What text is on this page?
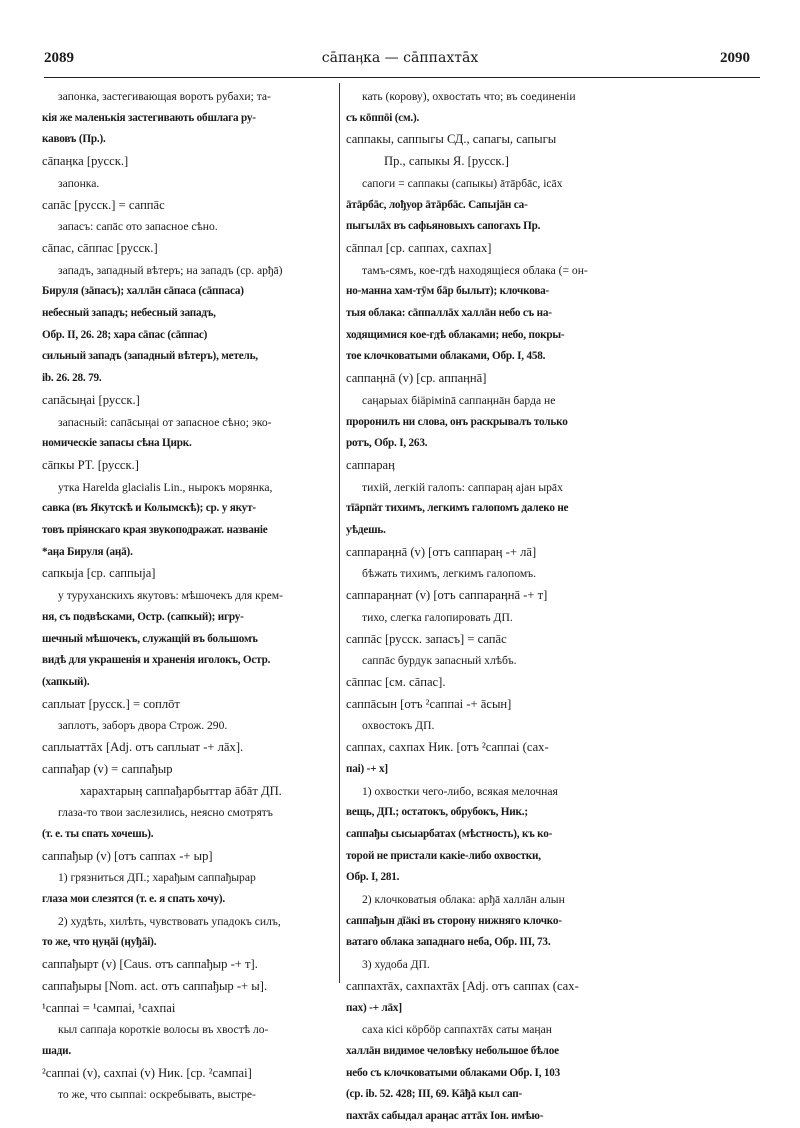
2089	сāпаӊка — сāппахтāх	2090
запонка, застегивающая воротъ рубахи; та-
кія же маленькія застегивають обшлага ру-
кавовъ (Пр.).
сāпаӊка [русск.]
запонка.
сапāс [русск.] = саппāс
запасъ: сапāс ото запасное сѣно.
сāпас, сāппас [русск.]
западъ, западный вѣтеръ; на западъ (ср. арђā)
Бируля (зāпасъ); халлāн сāпаса (сāппаса)
небесный западъ; небесный западъ,
Обр. II, 26. 28; хара сāпас (сāппас)
сильный западъ (западный вѣтеръ), метель,
ib. 26. 28. 79.
сапāсыңаі [русск.]
запасный: сапāсыңаі от запасное сѣно; эко-
номическіе запасы сѣна Цирк.
сāпкы PT. [русск.]
утка Harelda glacialis Lin., нырокъ морянка,
савка (въ Якутскѣ и Колымскѣ); ср. у якут-
товъ прiянскаго края звукоподражат. названіе
*аӊа Бируля (аӊā).
сапкыја [ср. саппыја]
у туруханскихъ якутовъ: мѣшочекъ для крем-
ня, съ подвѣсками, Остр. (сапкый); игру-
шечный мѣшочекъ, служащій въ большомъ
видѣ для украшенія и храненія иголокъ, Остр.
(хапкый).
саплыат [русск.] = соплōт
заплотъ, заборъ двора Строж. 290.
саплыаттāх [Adj. отъ саплыат -+ лāх].
саппађар (v) = саппађыр
харахтарыӊ саппађарбыттар āбāт ДП.
глаза-то твои заслезились, неясно смотрятъ
(т. е. ты спать хочешь).
саппађыр (v) [отъ саппах -+ ыр]
1) грязниться ДП.; харађым саппађырар
глаза мои слезятся (т. е. я спать хочу).
2) худѣть, хилѣть, чувствовать упадокъ силъ,
то же, что ӊуңāі (ӊуђāі).
саппађырт (v) [Caus. отъ саппађыр -+ т].
саппађыры [Nom. act. отъ саппађыр -+ ы].
¹саппаі = ¹сампаі, ¹сахпаі
кыл саппаја короткіе волосы въ хвостѣ ло-
шади.
²саппаі (v), сахпаі (v) Ник. [ср. ²сампаі]
то же, что сыппаі: оскребывать, выстре-
кать (корову), охвостать что; въ соединеніи
съ кōппōі (см.).
саппакы, саппыгы СД., сапагы, сапыгы
Пр., сапыкы Я. [русск.]
сапоги = саппакы (сапыкы) āтāрбāс, iсāх
āтāрбāс, лођуор āтāрбāс. Сапыјāн са-
пыгылāх въ сафьяновыхъ сапогахъ Пр.
сāппал [ср. саппах, сахпах]
тамъ-сямъ, кое-гдѣ находящіеся облака (= он-
но-манна хам-тӯм бāр былыт); клочкова-
тыя облака: сāппаллāх халлāн небо съ на-
ходящимися кое-гдѣ облаками; небо, покры-
тое клочковатыми облаками, Обр. I, 458.
саппаӊнā (v) [ср. аппаӊнā]
саӊарыах біäріміnā саппаӊнāн барда не
проронилъ ни слова, онъ раскрывалъ только
ротъ, Обр. I, 263.
саппараӊ
тихій, легкій галопъ: саппараӊ аjан ырāх
тīäрпäт тихимъ, легкимъ галопомъ далеко не
уѣдешь.
саппараӊнā (v) [отъ саппараӊ -+ лā]
бѣжать тихимъ, легкимъ галопомъ.
саппараӊнат (v) [отъ саппараӊнā -+ т]
тихо, слегка галопировать ДП.
саппāс [русск. запасъ] = сапāс
саппāс бурдук запасный хлѣбъ.
сāппас [см. сāпас].
саппāсын [отъ ²саппаі -+ āсын]
охвостокъ ДП.
саппах, сахпах Ник. [отъ ²саппаі (сах-
паі) -+ х]
1) охвостки чего-либо, всякая мелочная
вещь, ДП.; остатокъ, обрубокъ, Ник.;
саппађы сысыарбатах (мѣстность), къ ко-
торой не пристали какіе-либо охвостки,
Обр. I, 281.
2) клочковатыя облака: арђā халлāн алын
саппађын дīäкі въ сторону нижняго клочко-
ватаго облака западнаго неба, Обр. III, 73.
3) худоба ДП.
саппахтāх, сахпахтāх [Adj. отъ саппах (сах-
пах) -+ лāх]
саха кісі кӧрбӧр саппахтāх саты маӊан
халлāн видимое человѣку небольшое бѣлое
небо съ клочковатыми облаками Обр. I, 103
(ср. ib. 52. 428; III, 69. Кāђā кыл сап-
пахтāх сабыдал араӊас аттāх Іон. имѣю-
